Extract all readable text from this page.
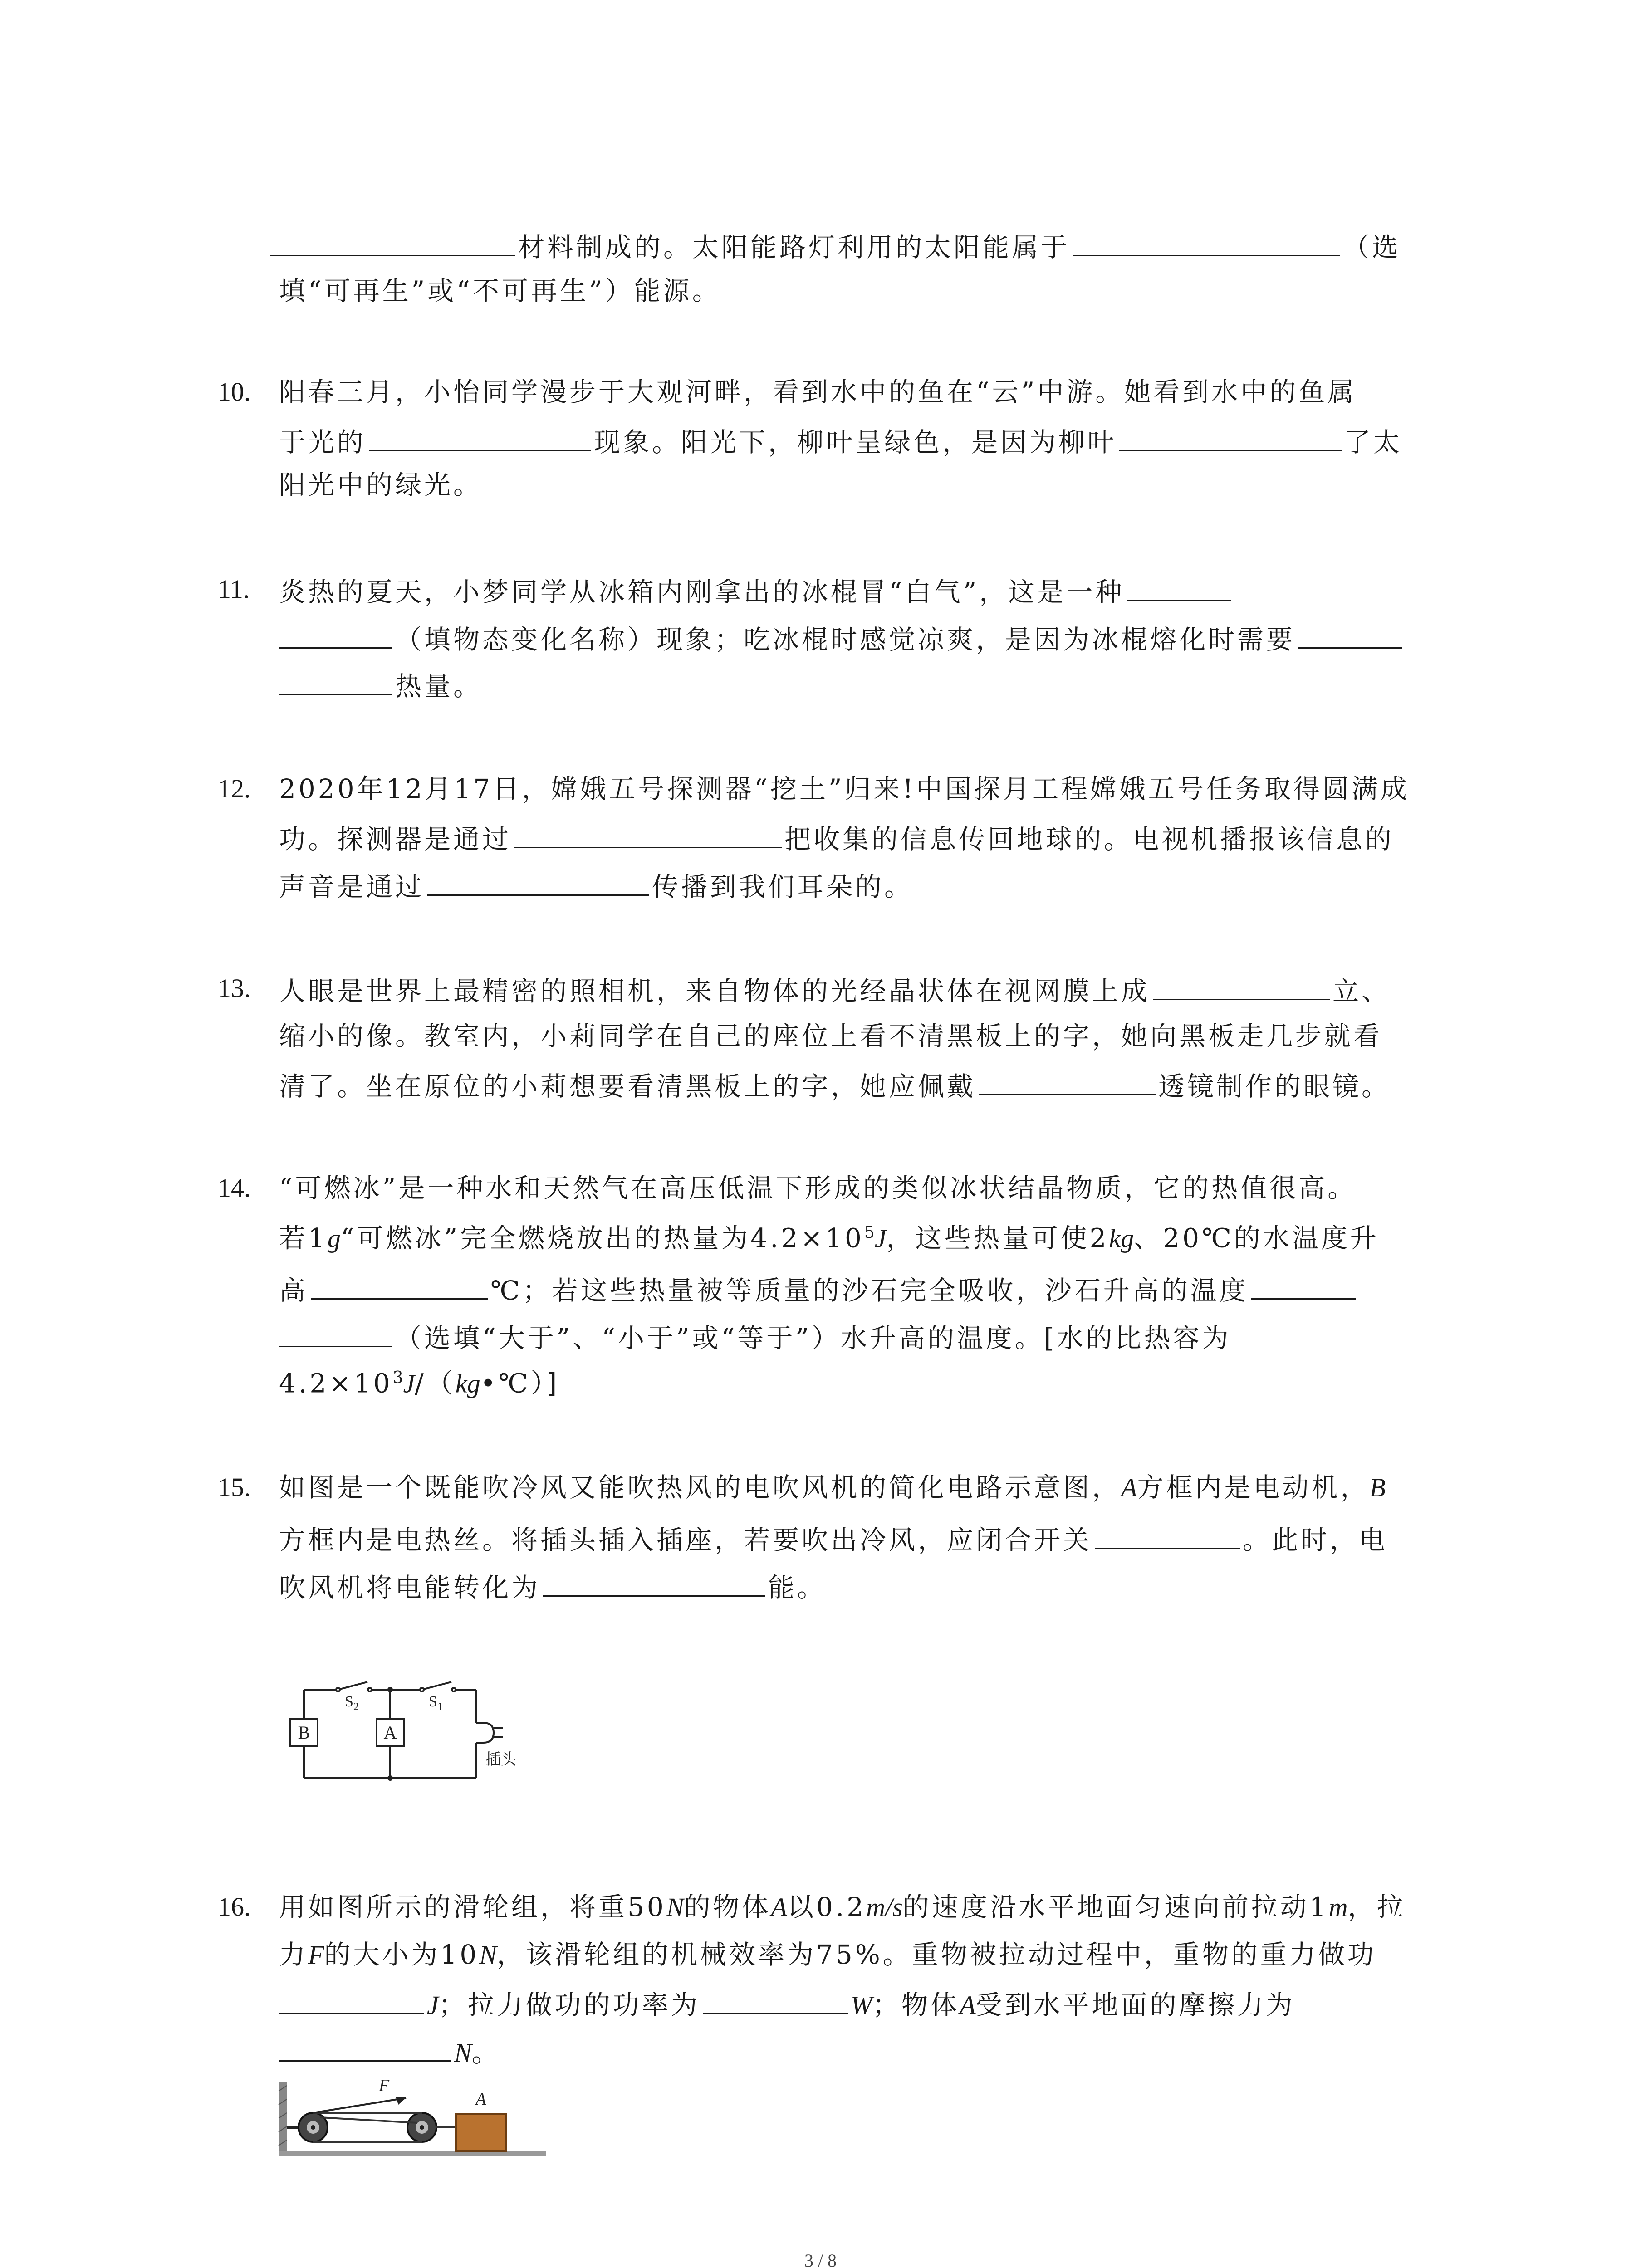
材料制成的。太阳能路灯利用的太阳能属于	（选
填“可再生”或“不可再生”）能源。
10. 阳春三月，小怡同学漫步于大观河畔，看到水中的鱼在“云”中游。她看到水中的鱼属
于光的	现象。阳光下，柳叶呈绿色，是因为柳叶	了太
阳光中的绿光。
11. 炎热的夏天，小梦同学从冰箱内刚拿出的冰棍冒“白气”，这是一种
（填物态变化名称）现象；吃冰棍时感觉凉爽，是因为冰棍熔化时需要
热量。
12. 2020年12月17日，嫦娥五号探测器“挖土”归来!中国探月工程嫦娥五号任务取得圆满成
功。探测器是通过	把收集的信息传回地球的。电视机播报该信息的
声音是通过	传播到我们耳朵的。
13. 人眼是世界上最精密的照相机，来自物体的光经晶状体在视网膜上成	立、
缩小的像。教室内，小莉同学在自己的座位上看不清黑板上的字，她向黑板走几步就看
清了。坐在原位的小莉想要看清黑板上的字，她应佩戴	透镜制作的眼镜。
14. “可燃冰”是一种水和天然气在高压低温下形成的类似冰状结晶物质，它的热值很高。
若1g“可燃冰”完全燃烧放出的热量为$4.2\times 10^5J$，这些热量可使2kg、20℃的水温度升
高	℃；若这些热量被等质量的沙石完全吸收，沙石升高的温度
（选填“大于”、“小于”或“等于”）水升高的温度。[水的比热容为
$4.2\times 10^3J/(kg•℃)$]
15. 如图是一个既能吹冷风又能吹热风的电吹风机的简化电路示意图，A方框内是电动机，B
方框内是电热丝。将插头插入插座，若要吹出冷风，应闭合开关	。此时，电
吹风机将电能转化为	能。
B	A
$S_2$	$S_1$
插头
16. 用如图所示的滑轮组，将重50N的物体A以0.2m/s的速度沿水平地面匀速向前拉动1m，拉
力F的大小为10N，该滑轮组的机械效率为75%。重物被拉动过程中，重物的重力做功
J；拉力做功的功率为	W；物体A受到水平地面的摩擦力为
N。
F
A
3 / 8
